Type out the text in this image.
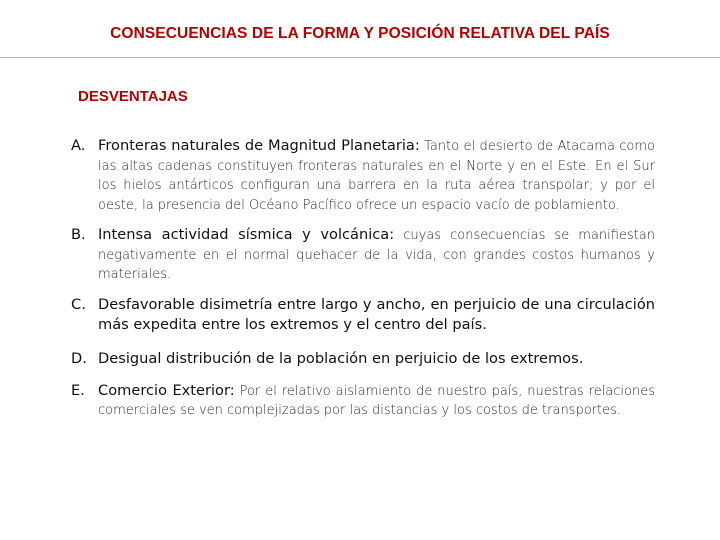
CONSECUENCIAS DE LA FORMA Y POSICIÓN RELATIVA DEL PAÍS
DESVENTAJAS
A. Fronteras naturales de Magnitud Planetaria: Tanto el desierto de Atacama como las altas cadenas constituyen fronteras naturales en el Norte y en el Este. En el Sur los hielos antárticos configuran una barrera en la ruta aérea transpolar; y por el oeste, la presencia del Océano Pacífico ofrece un espacio vacío de poblamiento.
B. Intensa actividad sísmica y volcánica: cuyas consecuencias se manifiestan negativamente en el normal quehacer de la vida, con grandes costos humanos y materiales.
C. Desfavorable disimetría entre largo y ancho, en perjuicio de una circulación más expedita entre los extremos y el centro del país.
D. Desigual distribución de la población en perjuicio de los extremos.
E. Comercio Exterior: Por el relativo aislamiento de nuestro país, nuestras relaciones comerciales se ven complejizadas por las distancias y los costos de transportes.
